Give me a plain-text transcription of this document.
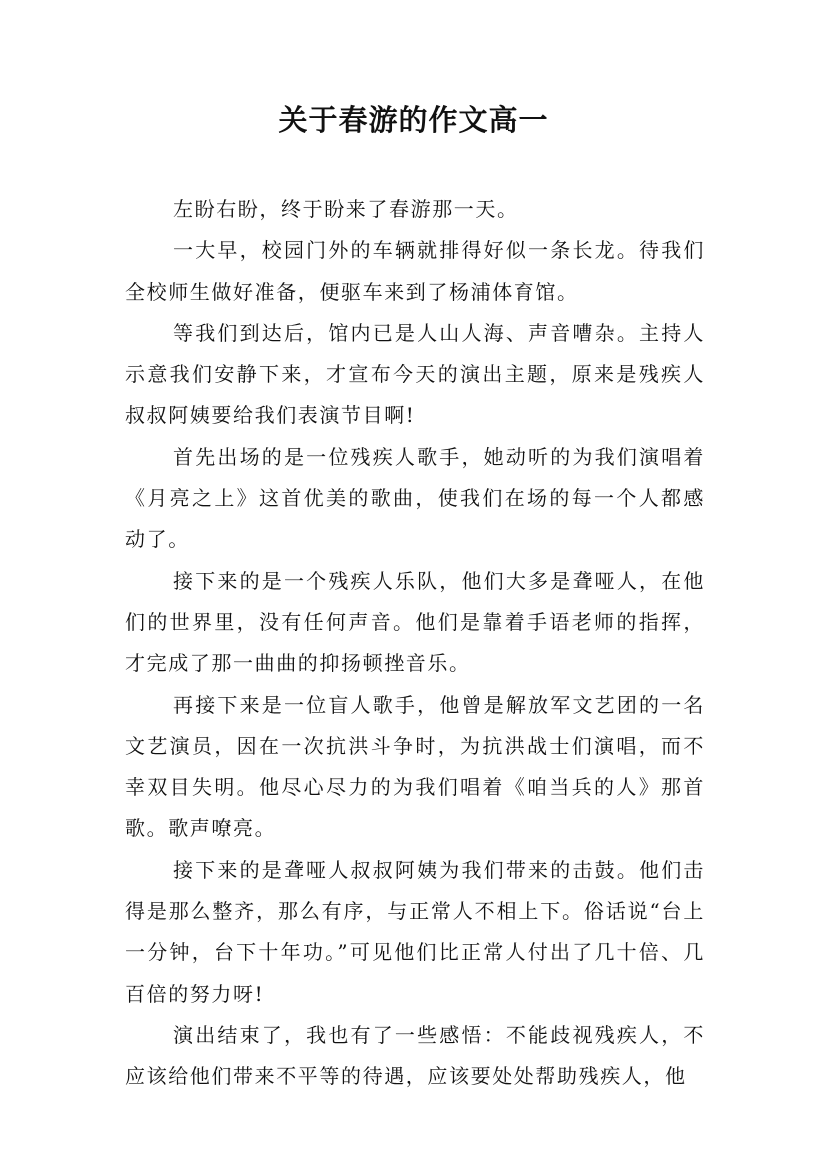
关于春游的作文高一

左盼右盼，终于盼来了春游那一天。

一大早，校园门外的车辆就排得好似一条长龙。待我们全校师生做好准备，便驱车来到了杨浦体育馆。

等我们到达后，馆内已是人山人海、声音嘈杂。主持人示意我们安静下来，才宣布今天的演出主题，原来是残疾人叔叔阿姨要给我们表演节目啊!

首先出场的是一位残疾人歌手，她动听的为我们演唱着《月亮之上》这首优美的歌曲，使我们在场的每一个人都感动了。

接下来的是一个残疾人乐队，他们大多是聋哑人，在他们的世界里，没有任何声音。他们是靠着手语老师的指挥，才完成了那一曲曲的抑扬顿挫音乐。

再接下来是一位盲人歌手，他曾是解放军文艺团的一名文艺演员，因在一次抗洪斗争时，为抗洪战士们演唱，而不幸双目失明。他尽心尽力的为我们唱着《咱当兵的人》那首歌。歌声嘹亮。

接下来的是聋哑人叔叔阿姨为我们带来的击鼓。他们击得是那么整齐，那么有序，与正常人不相上下。俗话说“台上一分钟，台下十年功。”可见他们比正常人付出了几十倍、几百倍的努力呀!

演出结束了，我也有了一些感悟：不能歧视残疾人，不应该给他们带来不平等的待遇，应该要处处帮助残疾人，他
